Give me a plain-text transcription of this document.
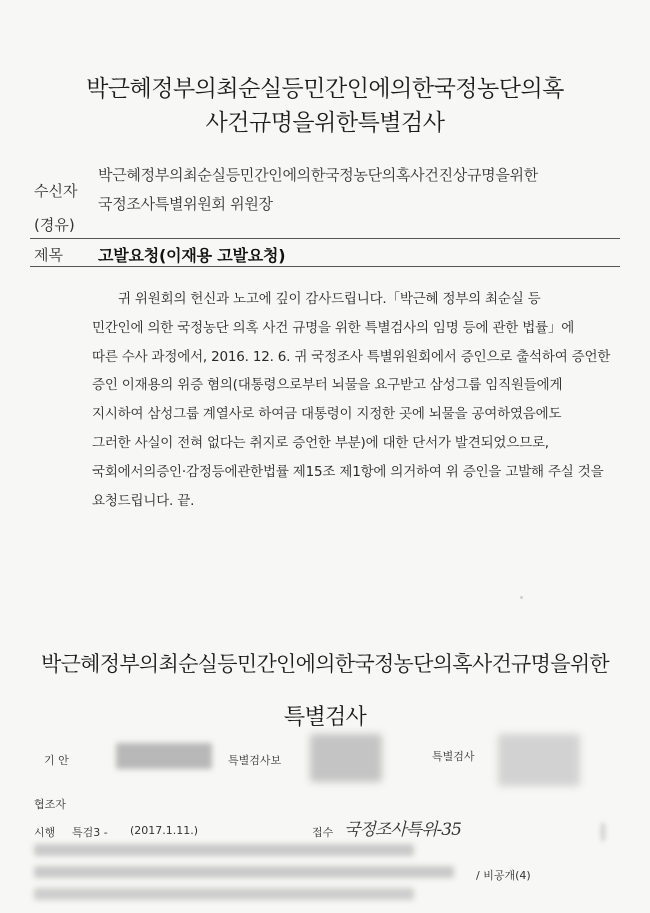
박근혜정부의최순실등민간인에의한국정농단의혹
사건규명을위한특별검사
수신자
박근혜정부의최순실등민간인에의한국정농단의혹사건진상규명을위한
국정조사특별위원회 위원장
(경유)
제목 고발요청(이재용 고발요청)
귀 위원회의 헌신과 노고에 깊이 감사드립니다.「박근혜 정부의 최순실 등
민간인에 의한 국정농단 의혹 사건 규명을 위한 특별검사의 임명 등에 관한 법률」에
따른 수사 과정에서, 2016. 12. 6. 귀 국정조사 특별위원회에서 증인으로 출석하여 증언한
증인 이재용의 위증 혐의(대통령으로부터 뇌물을 요구받고 삼성그룹 임직원들에게
지시하여 삼성그룹 계열사로 하여금 대통령이 지정한 곳에 뇌물을 공여하였음에도
그러한 사실이 전혀 없다는 취지로 증언한 부분)에 대한 단서가 발견되었으므로,
국회에서의증인·감정등에관한법률 제15조 제1항에 의거하여 위 증인을 고발해 주실 것을
요청드립니다. 끝.
박근혜정부의최순실등민간인에의한국정농단의혹사건규명을위한
특별검사
기 안	특별검사보	특별검사
협조자
시행 특검3 - (2017.1.11.)	접수 국정조사특위-35
/ 비공개(4)
